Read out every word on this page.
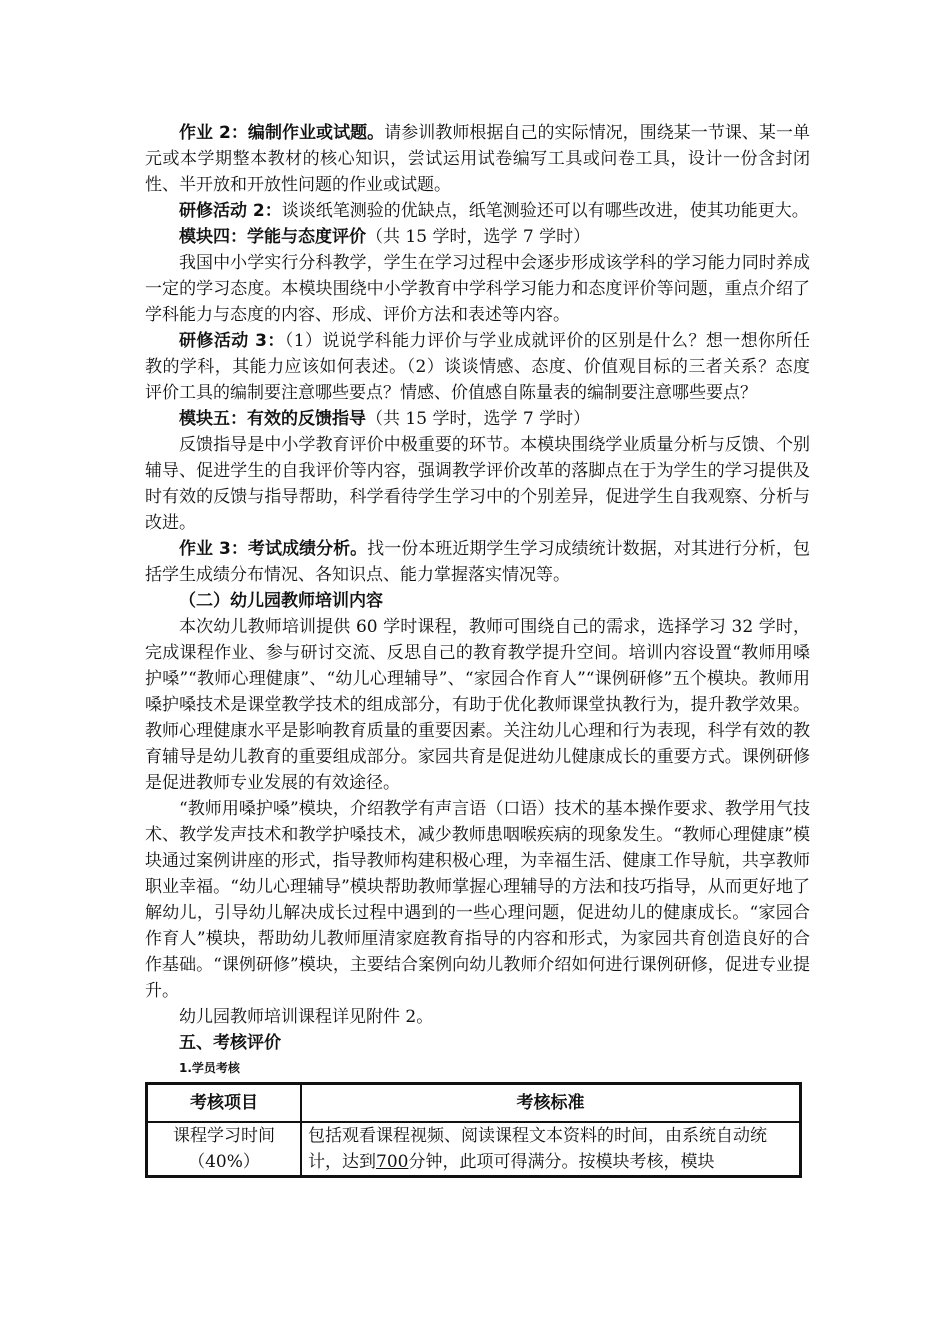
作业 2：编制作业或试题。请参训教师根据自己的实际情况，围绕某一节课、某一单元或本学期整本教材的核心知识，尝试运用试卷编写工具或问卷工具，设计一份含封闭性、半开放和开放性问题的作业或试题。

研修活动 2：谈谈纸笔测验的优缺点，纸笔测验还可以有哪些改进，使其功能更大。

模块四：学能与态度评价（共 15 学时，选学 7 学时）

我国中小学实行分科教学，学生在学习过程中会逐步形成该学科的学习能力同时养成一定的学习态度。本模块围绕中小学教育中学科学习能力和态度评价等问题，重点介绍了学科能力与态度的内容、形成、评价方法和表述等内容。

研修活动 3：（1）说说学科能力评价与学业成就评价的区别是什么？想一想你所任教的学科，其能力应该如何表述。（2）谈谈情感、态度、价值观目标的三者关系？态度评价工具的编制要注意哪些要点？情感、价值感自陈量表的编制要注意哪些要点？

模块五：有效的反馈指导（共 15 学时，选学 7 学时）

反馈指导是中小学教育评价中极重要的环节。本模块围绕学业质量分析与反馈、个别辅导、促进学生的自我评价等内容，强调教学评价改革的落脚点在于为学生的学习提供及时有效的反馈与指导帮助，科学看待学生学习中的个别差异，促进学生自我观察、分析与改进。

作业 3：考试成绩分析。找一份本班近期学生学习成绩统计数据，对其进行分析，包括学生成绩分布情况、各知识点、能力掌握落实情况等。

（二）幼儿园教师培训内容

本次幼儿教师培训提供 60 学时课程，教师可围绕自己的需求，选择学习 32 学时，完成课程作业、参与研讨交流、反思自己的教育教学提升空间。培训内容设置“教师用嗓护嗓”“教师心理健康”、“幼儿心理辅导”、“家园合作育人”“课例研修”五个模块。教师用嗓护嗓技术是课堂教学技术的组成部分，有助于优化教师课堂执教行为，提升教学效果。教师心理健康水平是影响教育质量的重要因素。关注幼儿心理和行为表现，科学有效的教育辅导是幼儿教育的重要组成部分。家园共育是促进幼儿健康成长的重要方式。课例研修是促进教师专业发展的有效途径。

“教师用嗓护嗓”模块，介绍教学有声言语（口语）技术的基本操作要求、教学用气技术、教学发声技术和教学护嗓技术，减少教师患咽喉疾病的现象发生。“教师心理健康”模块通过案例讲座的形式，指导教师构建积极心理，为幸福生活、健康工作导航，共享教师职业幸福。“幼儿心理辅导”模块帮助教师掌握心理辅导的方法和技巧指导，从而更好地了解幼儿，引导幼儿解决成长过程中遇到的一些心理问题，促进幼儿的健康成长。“家园合作育人”模块，帮助幼儿教师厘清家庭教育指导的内容和形式，为家园共育创造良好的合作基础。“课例研修”模块，主要结合案例向幼儿教师介绍如何进行课例研修，促进专业提升。

幼儿园教师培训课程详见附件 2。

五、考核评价

1.学员考核
考核项目	考核标准

课程学习时间
（40%）	包括观看课程视频、阅读课程文本资料的时间，由系统自动统计，达到700分钟，此项可得满分。按模块考核，模块
